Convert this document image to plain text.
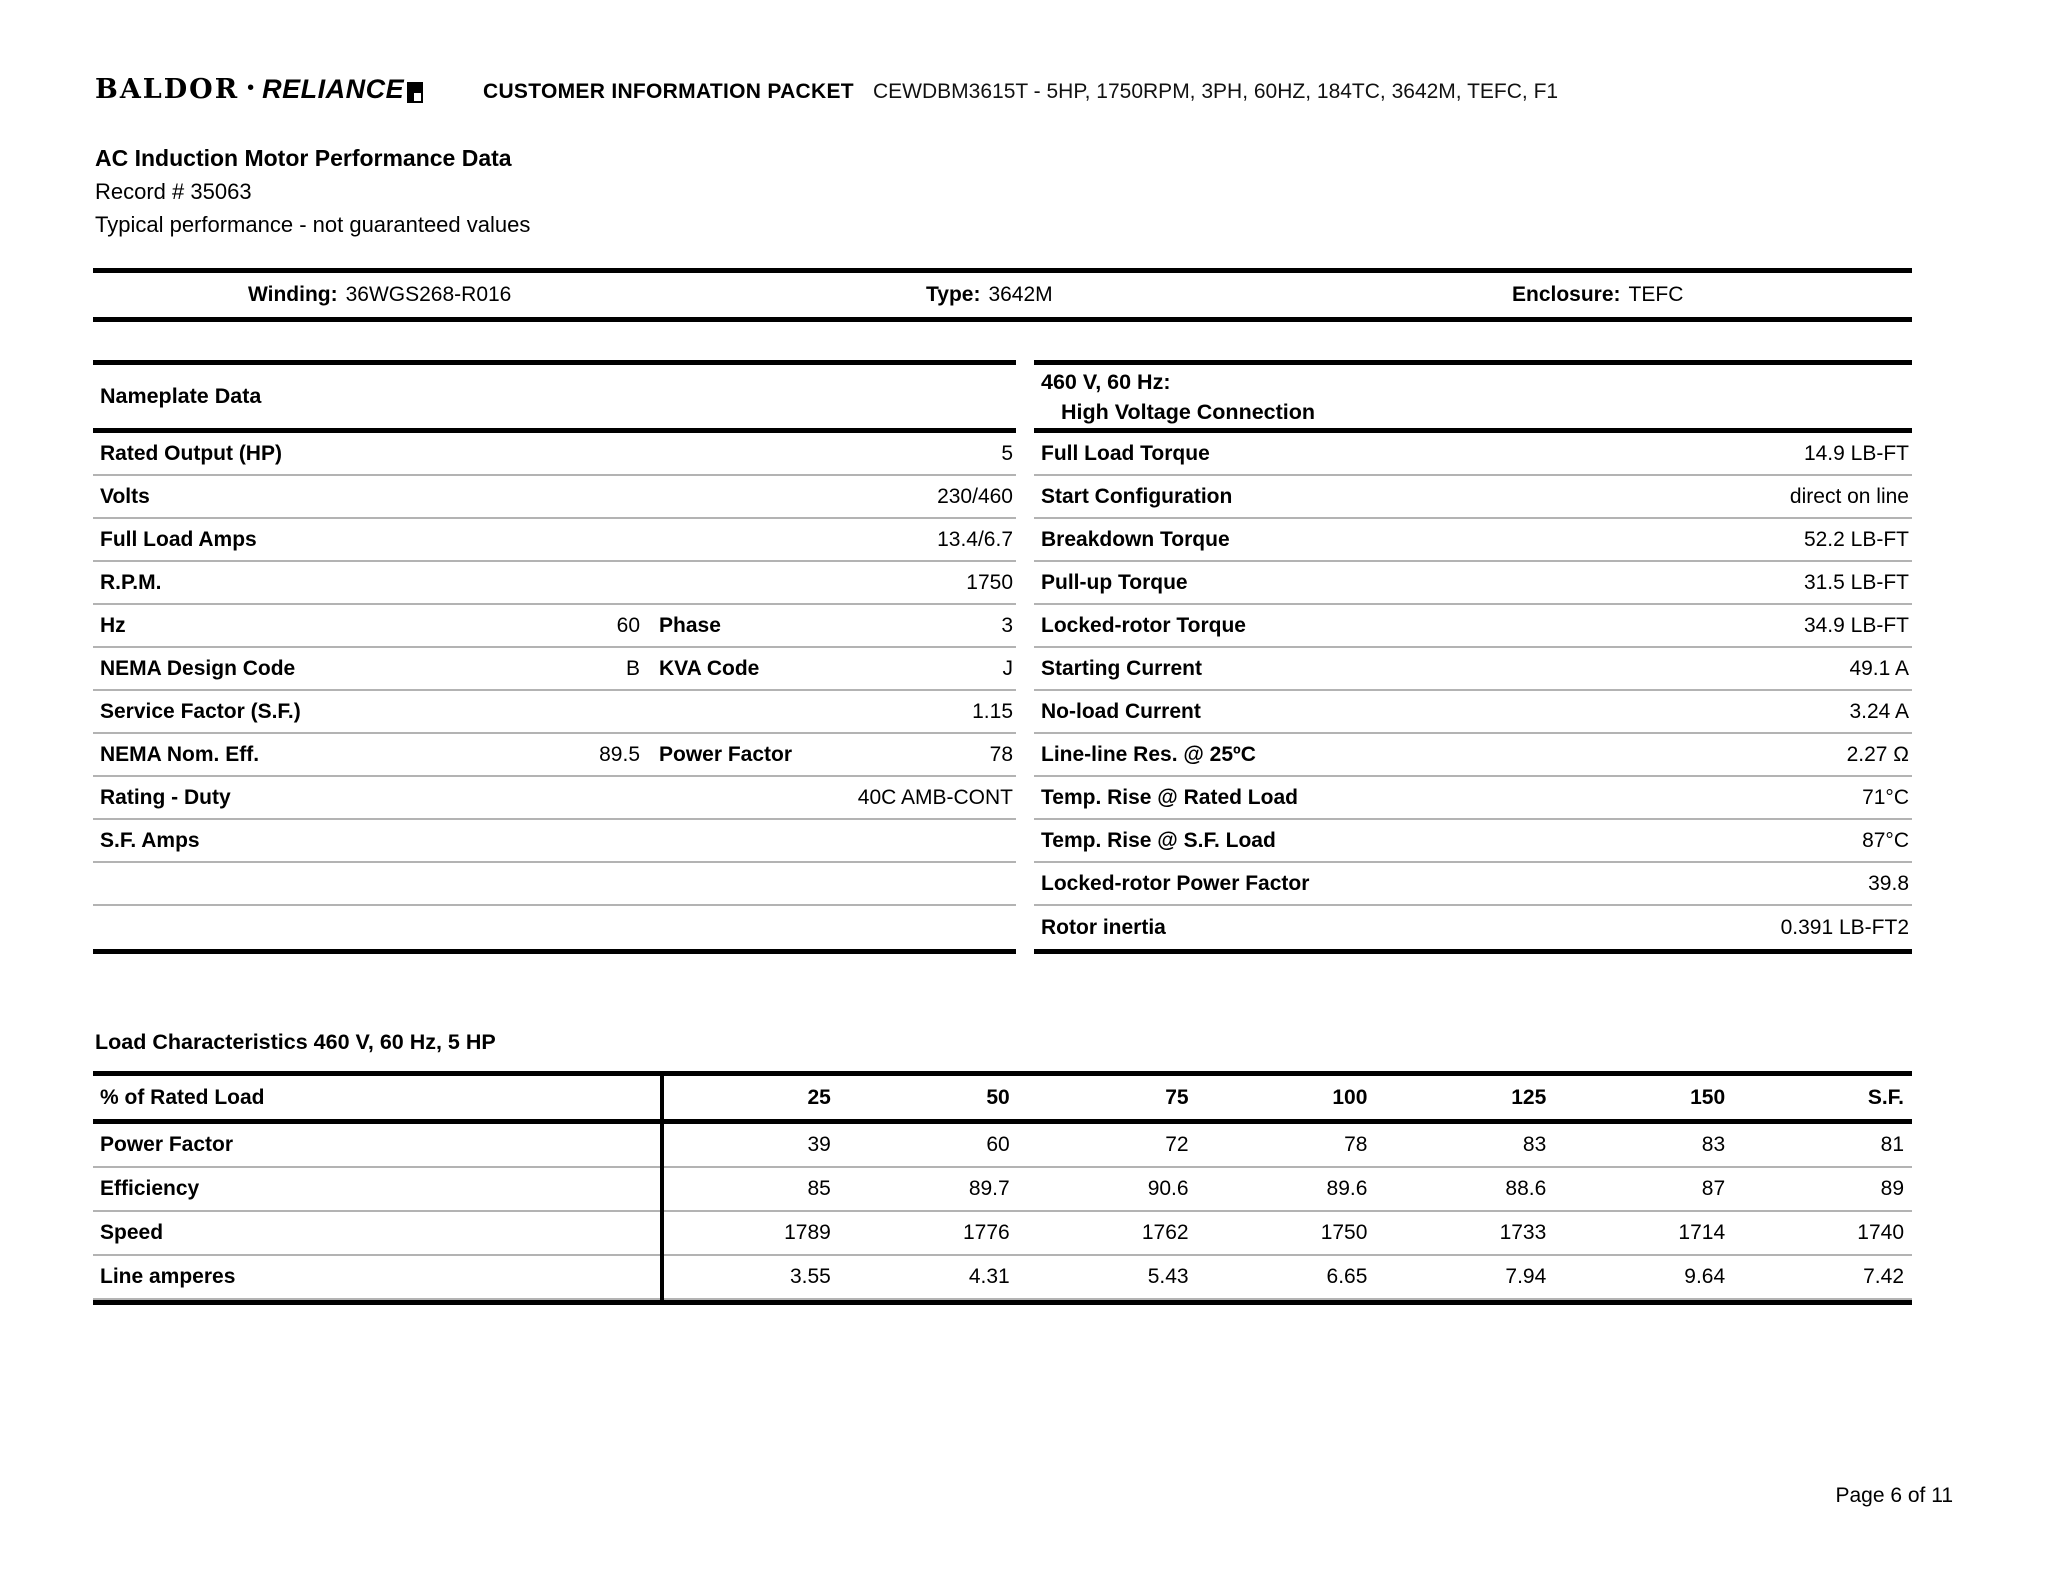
BALDOR • RELIANCE	CUSTOMER INFORMATION PACKET CEWDBM3615T - 5HP, 1750RPM, 3PH, 60HZ, 184TC, 3642M, TEFC, F1
AC Induction Motor Performance Data
Record # 35063
Typical performance - not guaranteed values
Winding: 36WGS268-R016	Type: 3642M	Enclosure: TEFC
Nameplate Data
Rated Output (HP)	5
Volts	230/460
Full Load Amps	13.4/6.7
R.P.M.	1750
Hz	60 Phase	3
NEMA Design Code	B KVA Code	J
Service Factor (S.F.)	1.15
NEMA Nom. Eff.	89.5 Power Factor	78
Rating - Duty	40C AMB-CONT
S.F. Amps
460 V, 60 Hz:
High Voltage Connection
Full Load Torque	14.9 LB-FT
Start Configuration	direct on line
Breakdown Torque	52.2 LB-FT
Pull-up Torque	31.5 LB-FT
Locked-rotor Torque	34.9 LB-FT
Starting Current	49.1 A
No-load Current	3.24 A
Line-line Res. @ 25ºC	2.27 Ω
Temp. Rise @ Rated Load	71°C
Temp. Rise @ S.F. Load	87°C
Locked-rotor Power Factor	39.8
Rotor inertia	0.391 LB-FT2
Load Characteristics 460 V, 60 Hz, 5 HP
% of Rated Load	25	50	75	100	125	150	S.F.
Power Factor	39	60	72	78	83	83	81
Efficiency	85	89.7	90.6	89.6	88.6	87	89
Speed	1789	1776	1762	1750	1733	1714	1740
Line amperes	3.55	4.31	5.43	6.65	7.94	9.64	7.42
Page 6 of 11
